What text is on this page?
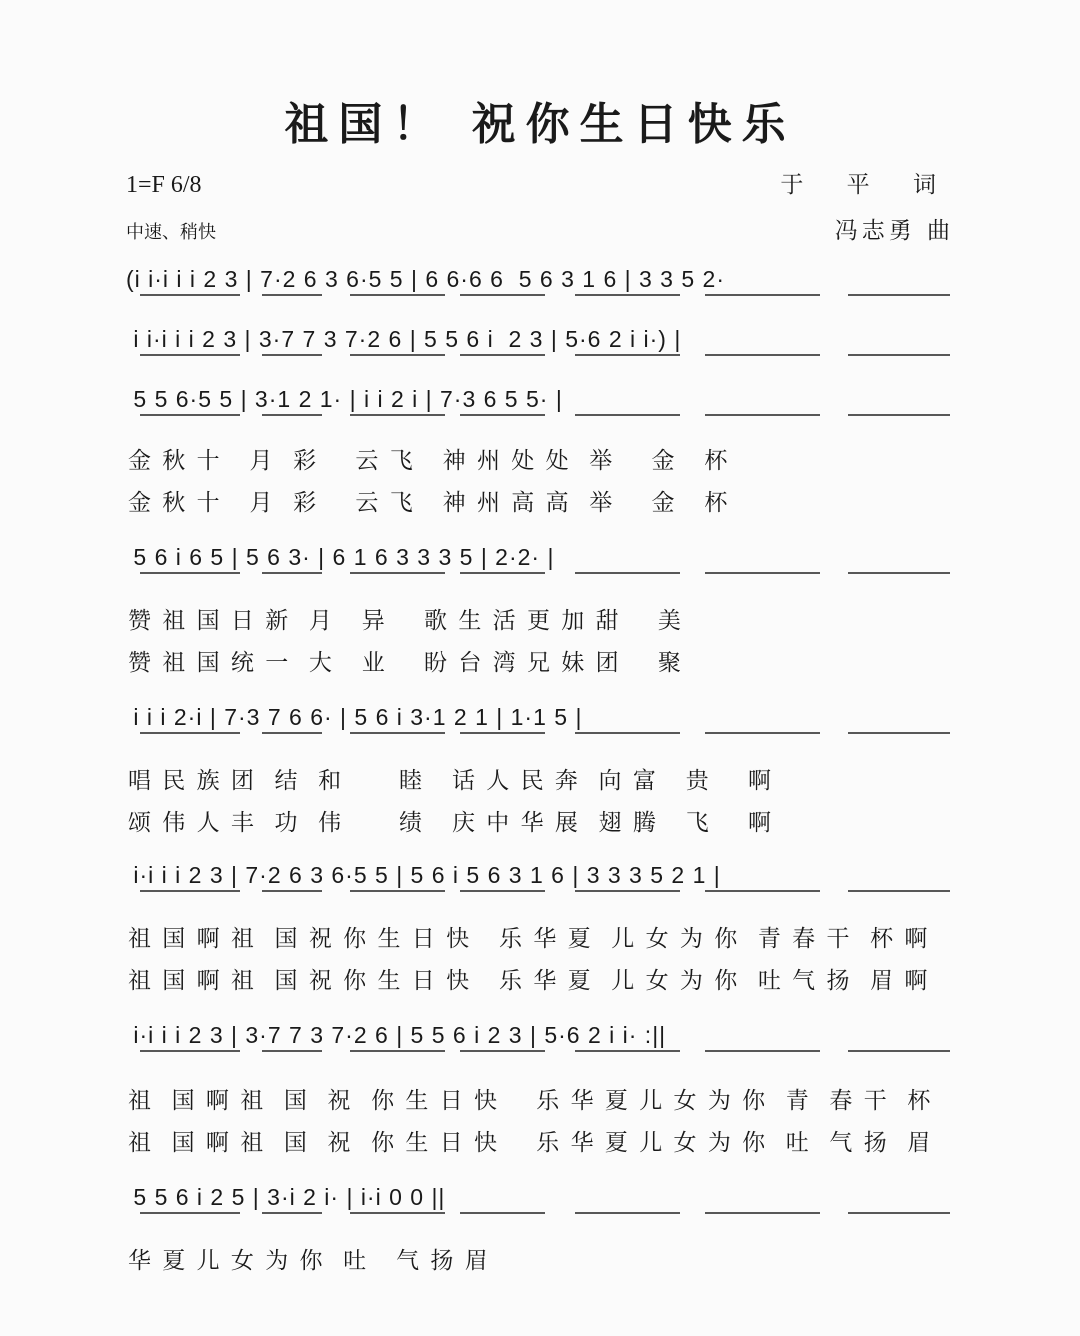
祖国！ 祝你生日快乐
1=F 6/8
中速、稍快
于 平 词
冯志勇 曲
(i i·i i i 2 3 | 7·2 6 3 6·5 5 | 6 6·6 6  5 6 3 1 6 | 3 3 5 2·
i i·i i i 2 3 | 3·7 7 3 7·2 6 | 5 5 6 i  2 3 | 5·6 2 i i·) |
5 5 6·5 5 | 3·1 2 1· | i i 2 i | 7·3 6 5 5· |
金 秋 十   月  彩    云 飞   神 州 处 处  举    金   杯
金 秋 十   月  彩    云 飞   神 州 高 高  举    金   杯
5 6 i 6 5 | 5 6 3· | 6 1 6 3 3 3 5 | 2·2· |
赞 祖 国 日 新  月   异    歌 生 活 更 加 甜    美
赞 祖 国 统 一  大   业    盼 台 湾 兄 妹 团    聚
i i i 2·i | 7·3 7 6 6· | 5 6 i 3·1 2 1 | 1·1 5 |
唱 民 族 团  结  和      睦   话 人 民 奔  向 富   贵    啊
颂 伟 人 丰  功  伟      绩   庆 中 华 展  翅 腾   飞    啊
i·i i i 2 3 | 7·2 6 3 6·5 5 | 5 6 i 5 6 3 1 6 | 3 3 3 5 2 1 |
祖 国 啊 祖  国 祝 你 生 日 快   乐 华 夏  儿 女 为 你  青 春 干  杯 啊
祖 国 啊 祖  国 祝 你 生 日 快   乐 华 夏  儿 女 为 你  吐 气 扬  眉 啊
i·i i i 2 3 | 3·7 7 3 7·2 6 | 5 5 6 i 2 3 | 5·6 2 i i· :||
祖  国 啊 祖  国  祝  你 生 日 快    乐 华 夏 儿 女 为 你  青  春 干  杯
祖  国 啊 祖  国  祝  你 生 日 快    乐 华 夏 儿 女 为 你  吐  气 扬  眉
5 5 6 i 2 5 | 3·i 2 i· | i·i 0 0 ||
华 夏 儿 女 为 你  吐   气 扬 眉
